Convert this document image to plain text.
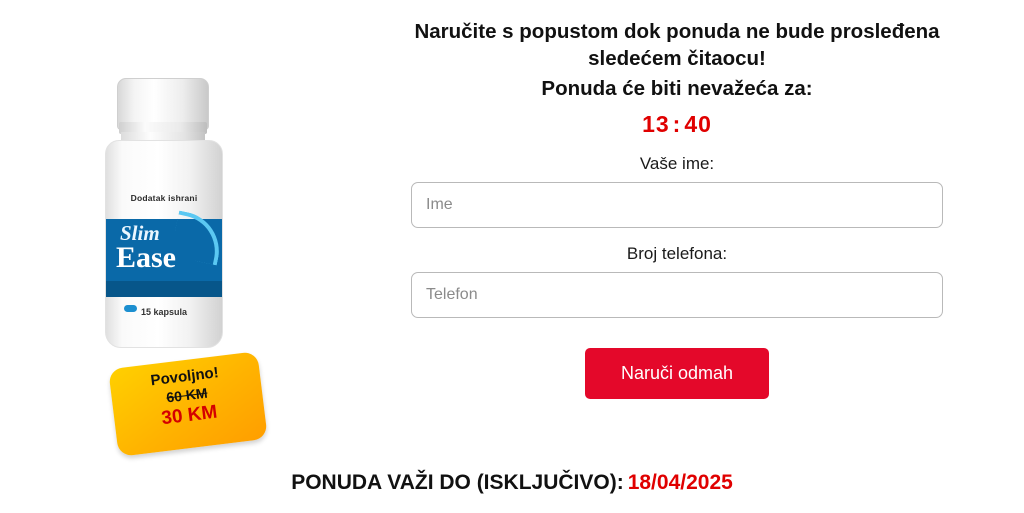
Dodatak ishrani
Slim
Ease
15 kapsula
Povoljno!
60 KM
30 KM
Naručite s popustom dok ponuda ne bude prosleđena sledećem čitaocu!
Ponuda će biti nevažeća za:
13 : 40
Vaše ime:
Ime
Broj telefona:
Telefon
Naruči odmah
PONUDA VAŽI DO (ISKLJUČIVO): 18/04/2025
